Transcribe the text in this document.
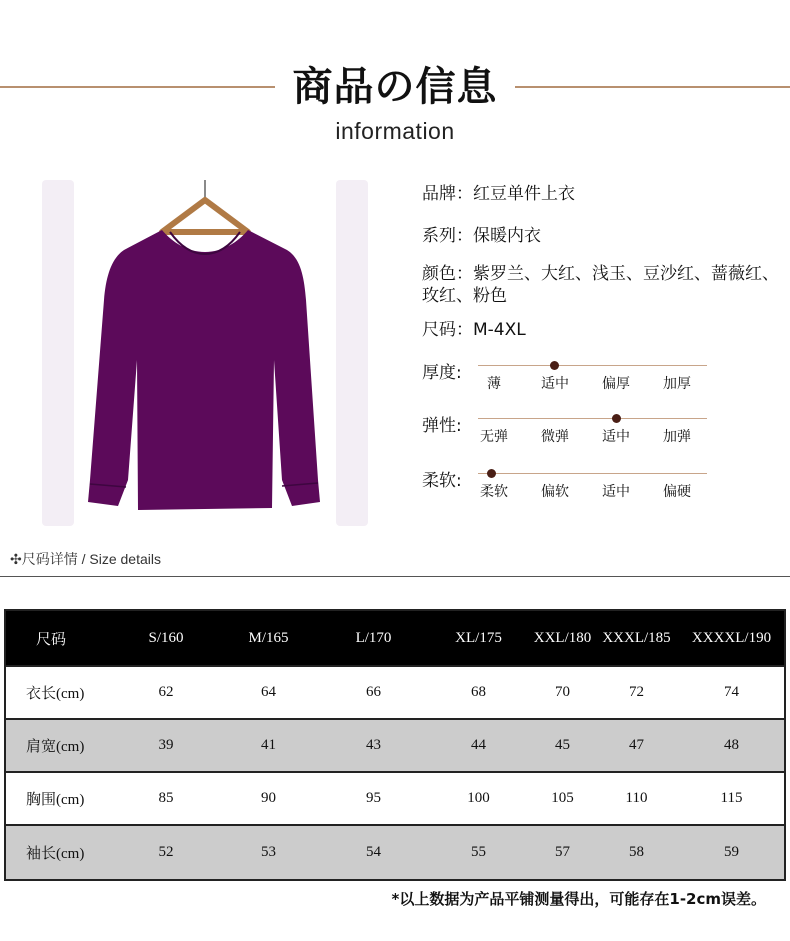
商品の信息
information
品牌：红豆单件上衣
系列：保暖内衣
颜色：紫罗兰、大红、浅玉、豆沙红、蔷薇红、玫红、粉色
尺码：M-4XL
厚度:
薄	适中	偏厚	加厚
弹性:
无弹	微弹	适中	加弹
柔软:
柔软	偏软	适中	偏硬
✣尺码详情 / Size details
尺码	S/160	M/165	L/170	XL/175	XXL/180 XXXL/185	XXXXL/190
衣长(cm)	62	64	66	68	70	72	74
肩宽(cm)	39	41	43	44	45	47	48
胸围(cm)	85	90	95	100	105	110	115
袖长(cm)	52	53	54	55	57	58	59
*以上数据为产品平铺测量得出，可能存在1-2cm误差。
